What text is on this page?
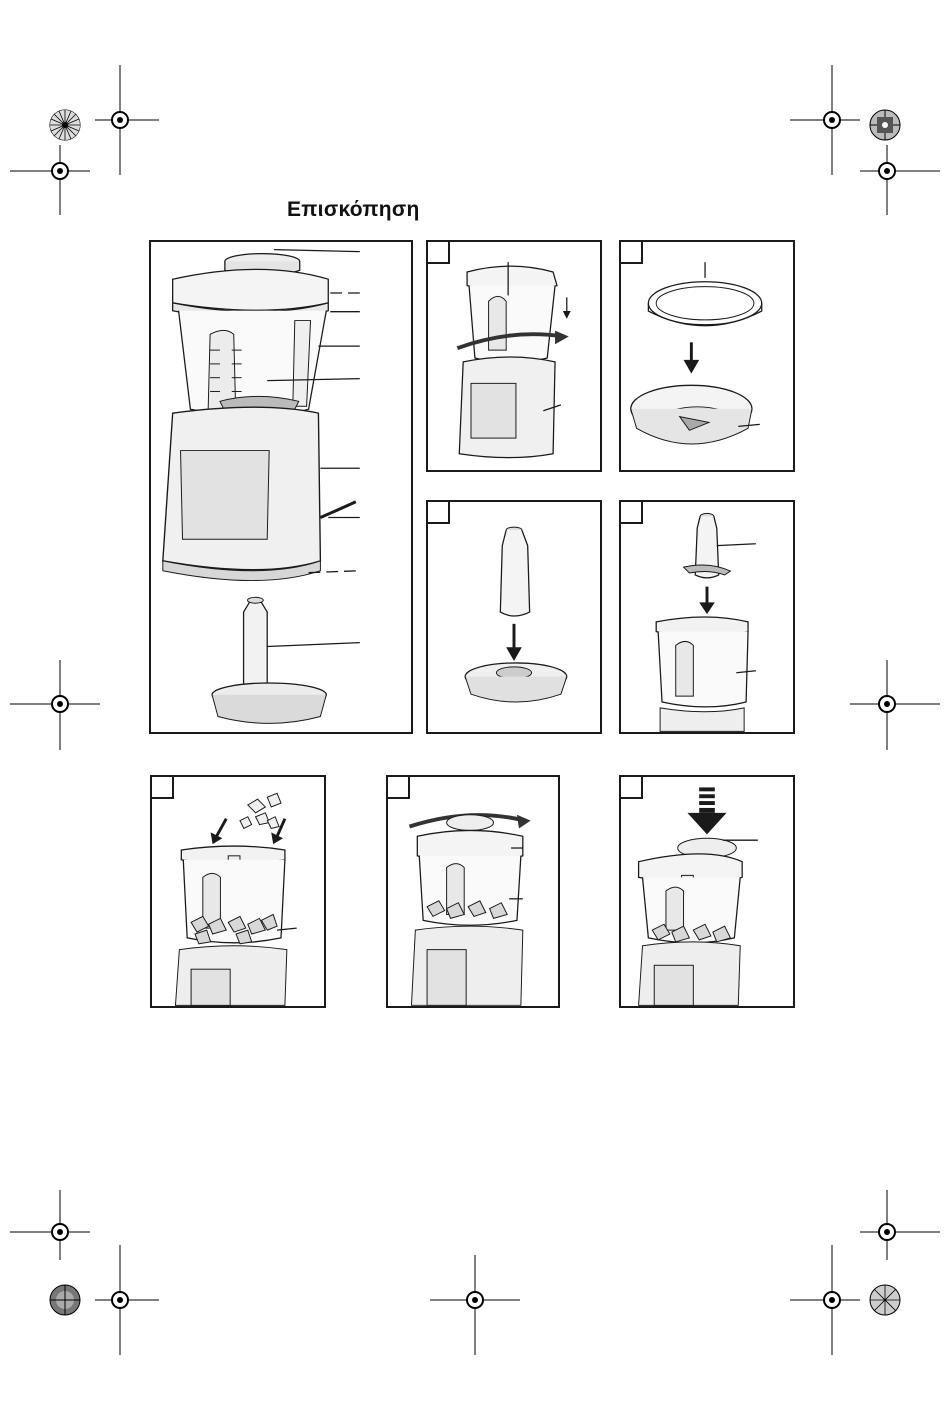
Επισκόπηση
